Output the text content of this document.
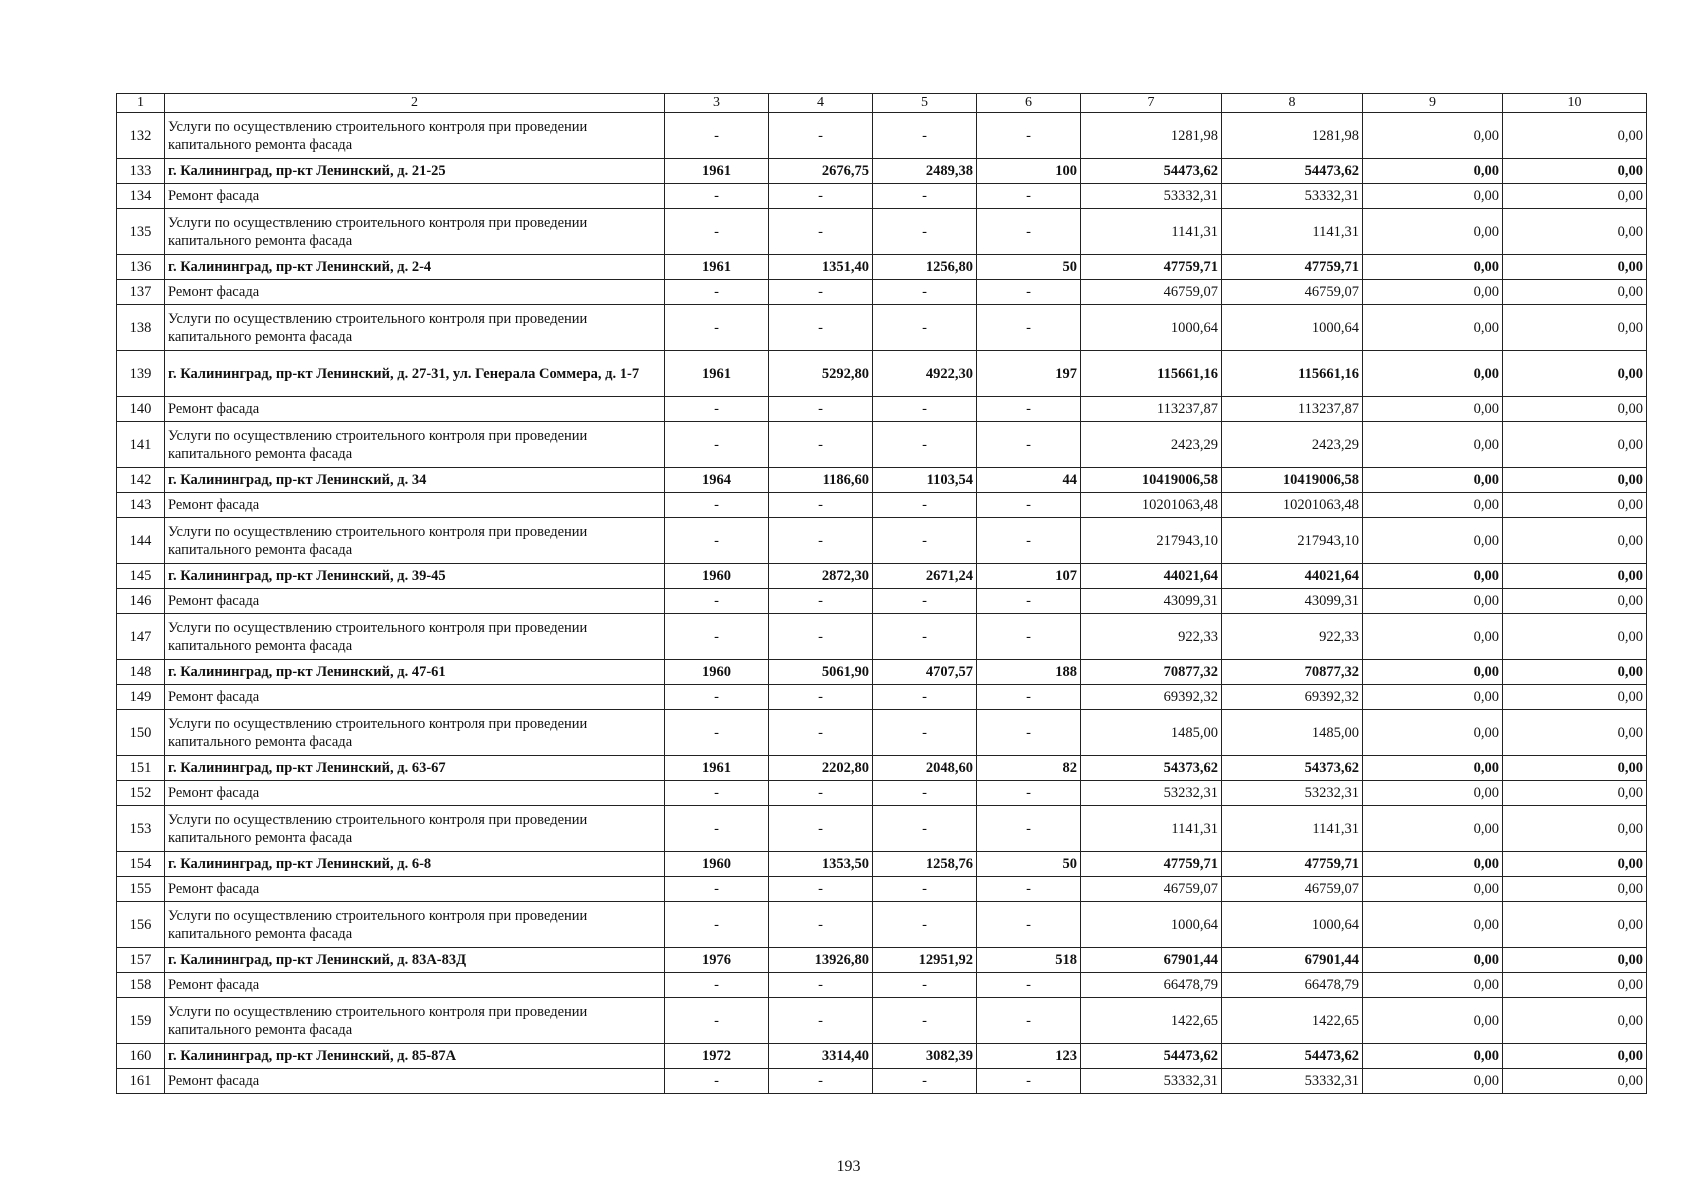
1	2	3	4	5	6	7	8	9	10
132	Услуги по осуществлению строительного контроля при проведении капитального ремонта фасада	-	-	-	-	1281,98	1281,98	0,00	0,00
133	г. Калининград, пр-кт Ленинский, д. 21-25	1961	2676,75	2489,38	100	54473,62	54473,62	0,00	0,00
134	Ремонт фасада	-	-	-	-	53332,31	53332,31	0,00	0,00
135	Услуги по осуществлению строительного контроля при проведении капитального ремонта фасада	-	-	-	-	1141,31	1141,31	0,00	0,00
136	г. Калининград, пр-кт Ленинский, д. 2-4	1961	1351,40	1256,80	50	47759,71	47759,71	0,00	0,00
137	Ремонт фасада	-	-	-	-	46759,07	46759,07	0,00	0,00
138	Услуги по осуществлению строительного контроля при проведении капитального ремонта фасада	-	-	-	-	1000,64	1000,64	0,00	0,00
139	г. Калининград, пр-кт Ленинский, д. 27-31, ул. Генерала Соммера, д. 1-7	1961	5292,80	4922,30	197	115661,16	115661,16	0,00	0,00
140	Ремонт фасада	-	-	-	-	113237,87	113237,87	0,00	0,00
141	Услуги по осуществлению строительного контроля при проведении капитального ремонта фасада	-	-	-	-	2423,29	2423,29	0,00	0,00
142	г. Калининград, пр-кт Ленинский, д. 34	1964	1186,60	1103,54	44	10419006,58	10419006,58	0,00	0,00
143	Ремонт фасада	-	-	-	-	10201063,48	10201063,48	0,00	0,00
144	Услуги по осуществлению строительного контроля при проведении капитального ремонта фасада	-	-	-	-	217943,10	217943,10	0,00	0,00
145	г. Калининград, пр-кт Ленинский, д. 39-45	1960	2872,30	2671,24	107	44021,64	44021,64	0,00	0,00
146	Ремонт фасада	-	-	-	-	43099,31	43099,31	0,00	0,00
147	Услуги по осуществлению строительного контроля при проведении капитального ремонта фасада	-	-	-	-	922,33	922,33	0,00	0,00
148	г. Калининград, пр-кт Ленинский, д. 47-61	1960	5061,90	4707,57	188	70877,32	70877,32	0,00	0,00
149	Ремонт фасада	-	-	-	-	69392,32	69392,32	0,00	0,00
150	Услуги по осуществлению строительного контроля при проведении капитального ремонта фасада	-	-	-	-	1485,00	1485,00	0,00	0,00
151	г. Калининград, пр-кт Ленинский, д. 63-67	1961	2202,80	2048,60	82	54373,62	54373,62	0,00	0,00
152	Ремонт фасада	-	-	-	-	53232,31	53232,31	0,00	0,00
153	Услуги по осуществлению строительного контроля при проведении капитального ремонта фасада	-	-	-	-	1141,31	1141,31	0,00	0,00
154	г. Калининград, пр-кт Ленинский, д. 6-8	1960	1353,50	1258,76	50	47759,71	47759,71	0,00	0,00
155	Ремонт фасада	-	-	-	-	46759,07	46759,07	0,00	0,00
156	Услуги по осуществлению строительного контроля при проведении капитального ремонта фасада	-	-	-	-	1000,64	1000,64	0,00	0,00
157	г. Калининград, пр-кт Ленинский, д. 83А-83Д	1976	13926,80	12951,92	518	67901,44	67901,44	0,00	0,00
158	Ремонт фасада	-	-	-	-	66478,79	66478,79	0,00	0,00
159	Услуги по осуществлению строительного контроля при проведении капитального ремонта фасада	-	-	-	-	1422,65	1422,65	0,00	0,00
160	г. Калининград, пр-кт Ленинский, д. 85-87А	1972	3314,40	3082,39	123	54473,62	54473,62	0,00	0,00
161	Ремонт фасада	-	-	-	-	53332,31	53332,31	0,00	0,00
193
